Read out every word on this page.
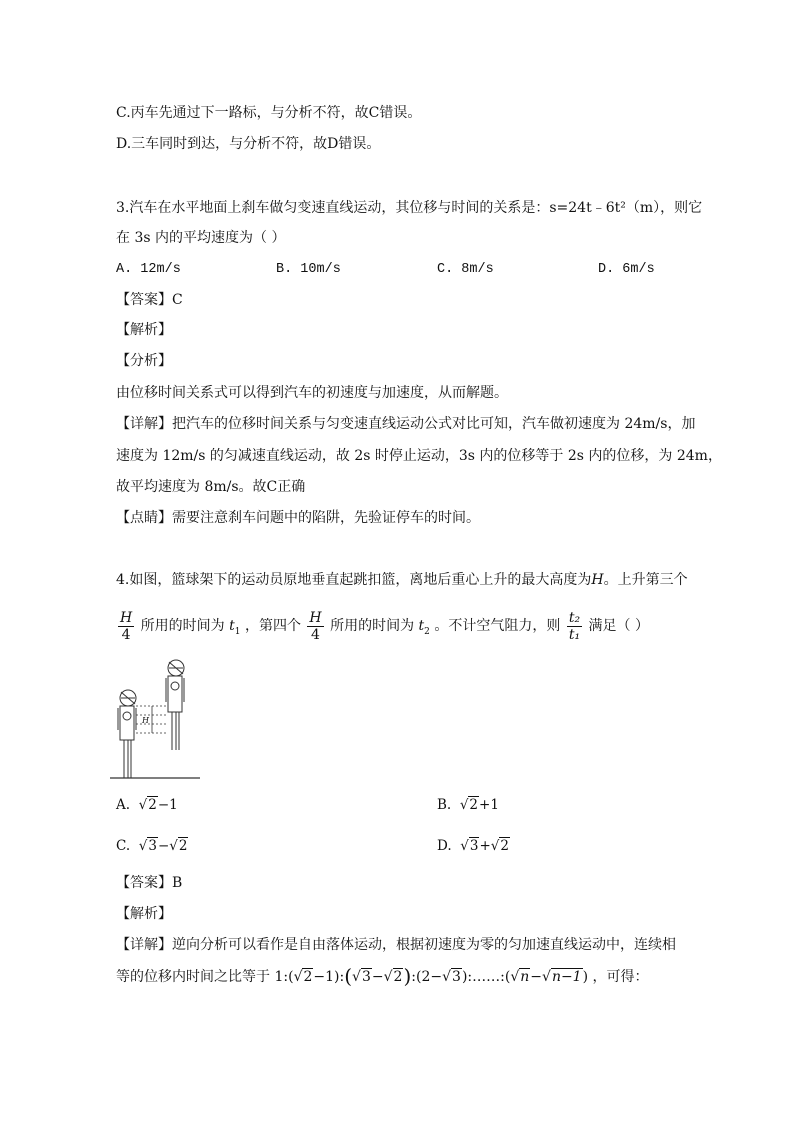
C.丙车先通过下一路标，与分析不符，故C错误。
D.三车同时到达，与分析不符，故D错误。
3.汽车在水平地面上刹车做匀变速直线运动，其位移与时间的关系是：s=24t﹣6t²（m），则它
在 3s 内的平均速度为（ ）
A. 12m/s	B. 10m/s	C. 8m/s	D. 6m/s
【答案】C
【解析】
【分析】
由位移时间关系式可以得到汽车的初速度与加速度，从而解题。
【详解】把汽车的位移时间关系与匀变速直线运动公式对比可知，汽车做初速度为 24m/s，加
速度为 12m/s 的匀减速直线运动，故 2s 时停止运动，3s 内的位移等于 2s 内的位移，为 24m，
故平均速度为 8m/s。故C正确
【点睛】需要注意刹车问题中的陷阱，先验证停车的时间。
4.如图，篮球架下的运动员原地垂直起跳扣篮，离地后重心上升的最大高度为H。上升第三个
$\frac{H}{4}$ 所用的时间为 $t_1$ ，第四个 $\frac{H}{4}$ 所用的时间为 $t_2$ 。不计空气阻力，则 $\frac{\text{t₂}}{\text{t₁}}$ 满足（ ）
H
A. √2−1	B. √2+1
C. √3−√2	D. √3+√2
【答案】B
【解析】
【详解】逆向分析可以看作是自由落体运动，根据初速度为零的匀加速直线运动中，连续相
等的位移内时间之比等于 1:(√2−1):(√3−√2):(2−√3):……:(√n−√n−1) ，可得：
